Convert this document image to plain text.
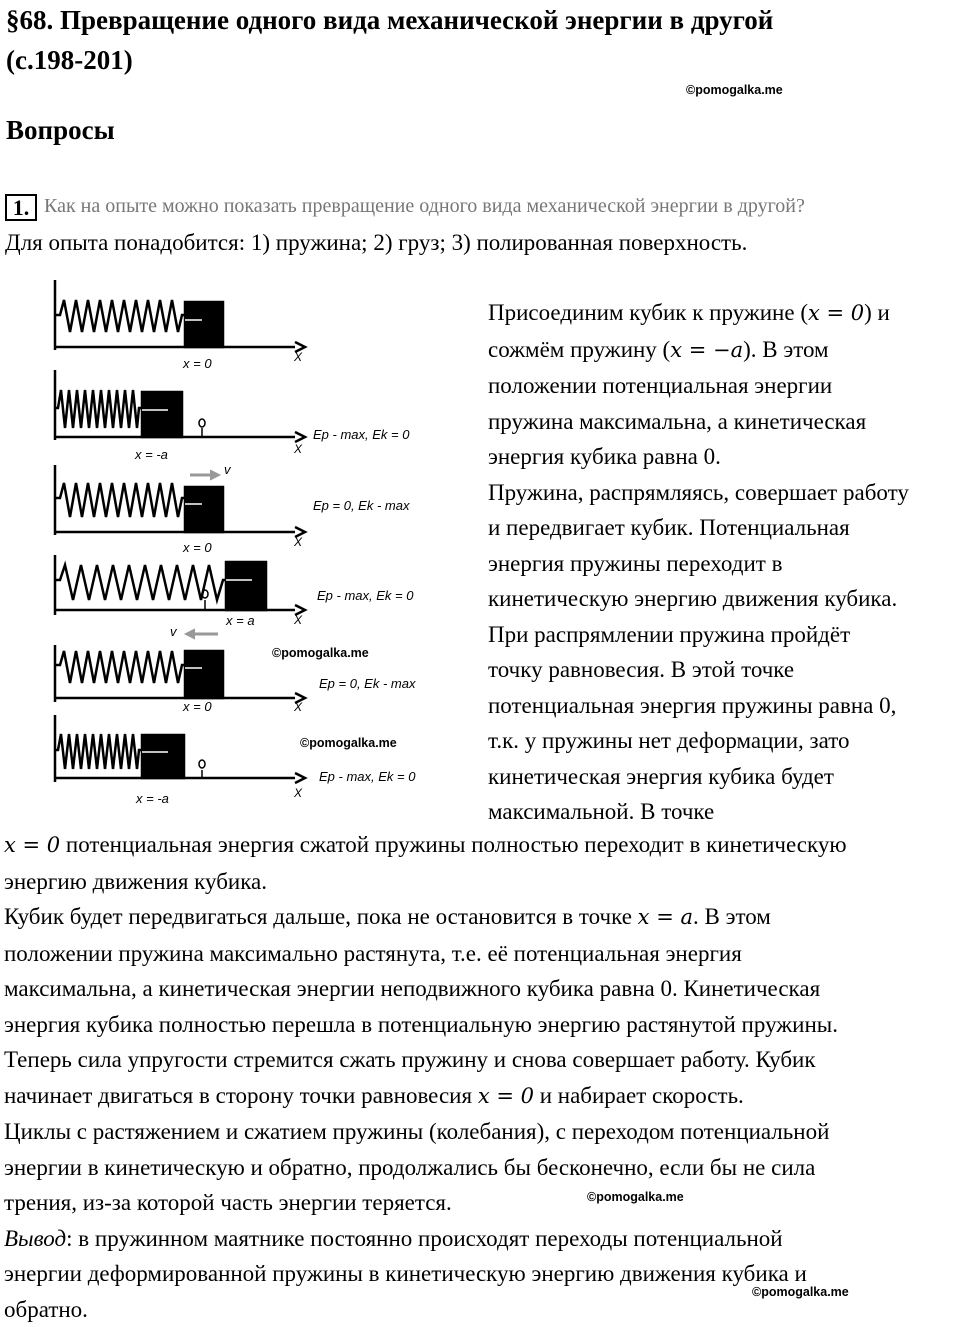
§68. Превращение одного вида механической энергии в другой
(с.198-201)
©pomogalka.me
Вопросы
1. Как на опыте можно показать превращение одного вида механической энергии в другой?
Для опыта понадобится: 1) пружина; 2) груз; 3) полированная поверхность.
x = 0	X
x = -a	X
Ep - max, Ek = 0
v
Ep = 0, Ek - max
x = 0	X
Ep - max, Ek = 0
X
x = a
v
©pomogalka.me
Ep = 0, Ek - max
x = 0	X
©pomogalka.me
Ep - max, Ek = 0
x = -a	X
Присоединим кубик к пружине (x = 0) и
сожмём пружину (x = −a). В этом
положении потенциальная энергии
пружина максимальна, а кинетическая
энергия кубика равна 0.
Пружина, распрямляясь, совершает работу
и передвигает кубик. Потенциальная
энергия пружины переходит в
кинетическую энергию движения кубика.
При распрямлении пружина пройдёт
точку равновесия. В этой точке
потенциальная энергия пружины равна 0,
т.к. у пружины нет деформации, зато
кинетическая энергия кубика будет
максимальной. В точке
x = 0 потенциальная энергия сжатой пружины полностью переходит в кинетическую
энергию движения кубика.
Кубик будет передвигаться дальше, пока не остановится в точке x = a. В этом
положении пружина максимально растянута, т.е. её потенциальная энергия
максимальна, а кинетическая энергии неподвижного кубика равна 0. Кинетическая
энергия кубика полностью перешла в потенциальную энергию растянутой пружины.
Теперь сила упругости стремится сжать пружину и снова совершает работу. Кубик
начинает двигаться в сторону точки равновесия x = 0 и набирает скорость.
Циклы с растяжением и сжатием пружины (колебания), с переходом потенциальной
энергии в кинетическую и обратно, продолжались бы бесконечно, если бы не сила
трения, из-за которой часть энергии теряется.
Вывод: в пружинном маятнике постоянно происходят переходы потенциальной
энергии деформированной пружины в кинетическую энергию движения кубика и
обратно.
©pomogalka.me
©pomogalka.me
